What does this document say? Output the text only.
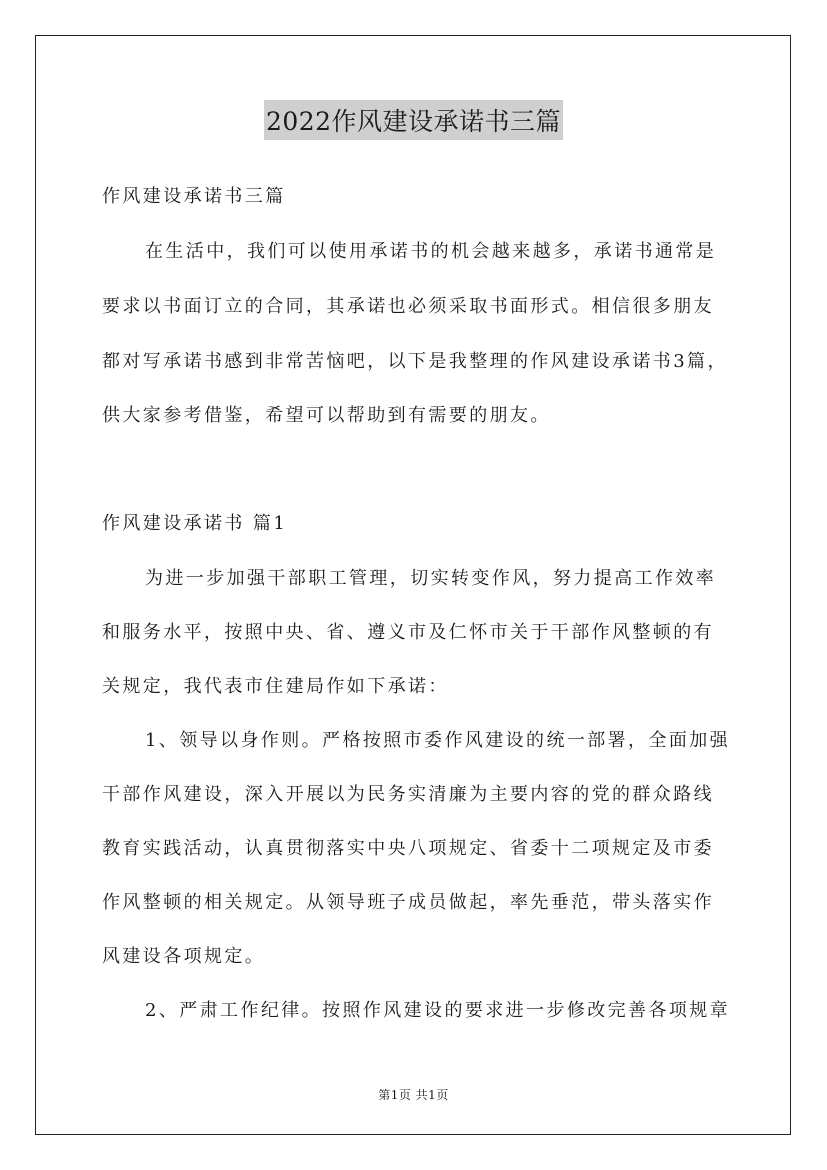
2022作风建设承诺书三篇
作风建设承诺书三篇
在生活中，我们可以使用承诺书的机会越来越多，承诺书通常是
要求以书面订立的合同，其承诺也必须采取书面形式。相信很多朋友
都对写承诺书感到非常苦恼吧，以下是我整理的作风建设承诺书3篇，
供大家参考借鉴，希望可以帮助到有需要的朋友。
作风建设承诺书 篇1
为进一步加强干部职工管理，切实转变作风，努力提高工作效率
和服务水平，按照中央、省、遵义市及仁怀市关于干部作风整顿的有
关规定，我代表市住建局作如下承诺：
1、领导以身作则。严格按照市委作风建设的统一部署，全面加强
干部作风建设，深入开展以为民务实清廉为主要内容的党的群众路线
教育实践活动，认真贯彻落实中央八项规定、省委十二项规定及市委
作风整顿的相关规定。从领导班子成员做起，率先垂范，带头落实作
风建设各项规定。
2、严肃工作纪律。按照作风建设的要求进一步修改完善各项规章
第1页 共1页
